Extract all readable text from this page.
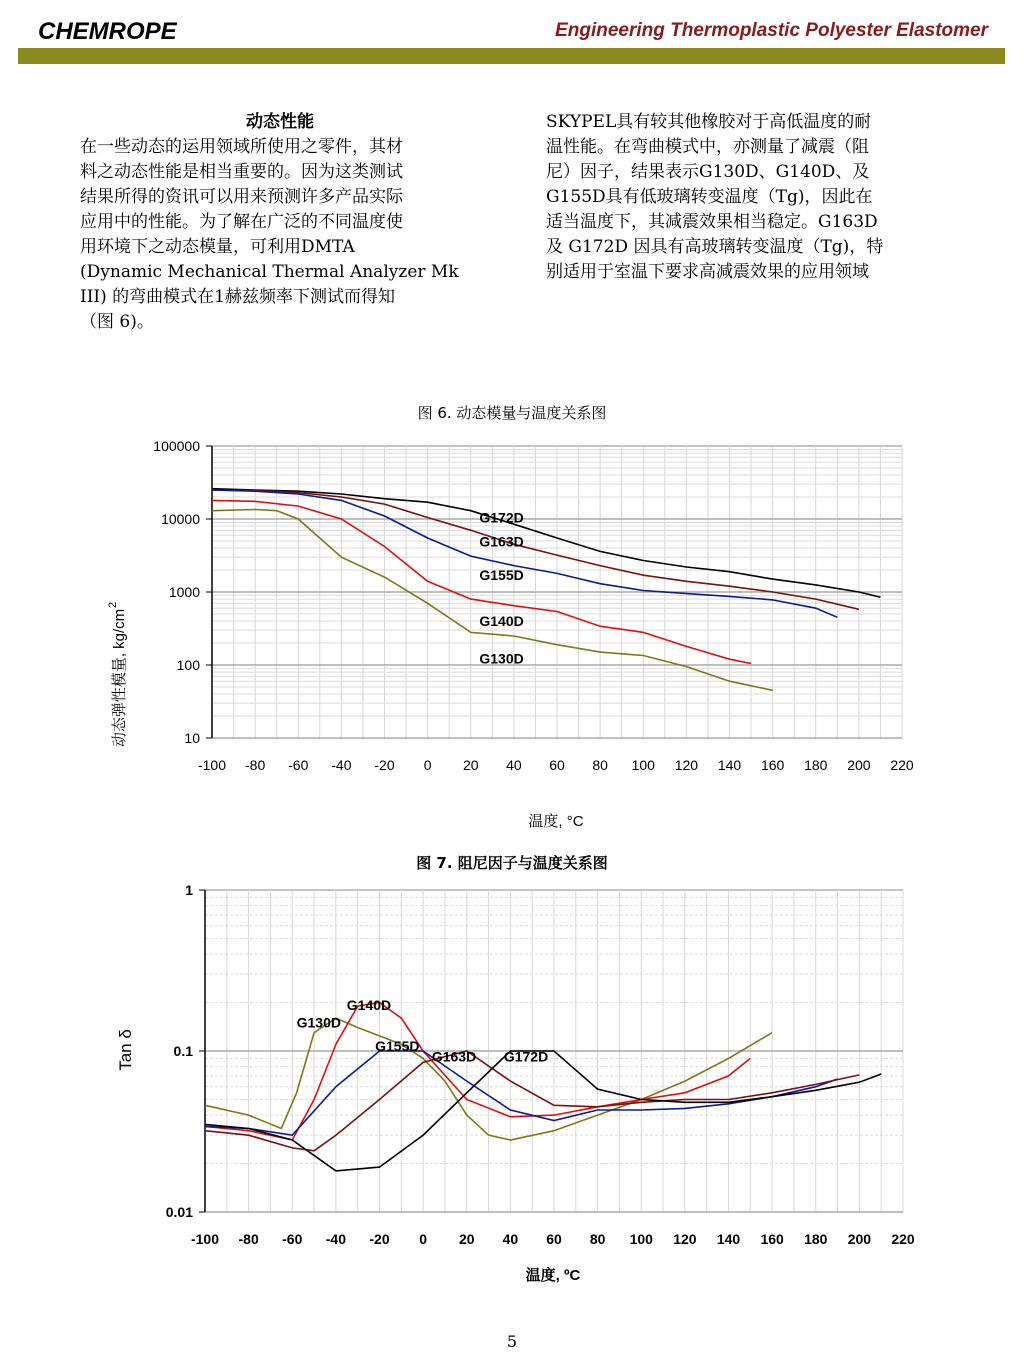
CHEMROPE	Engineering Thermoplastic Polyester Elastomer

动态性能

在一些动态的运用领域所使用之零件，其材

料之动态性能是相当重要的。因为这类测试

结果所得的资讯可以用来预测许多产品实际

应用中的性能。为了解在广泛的不同温度使

用环境下之动态模量，可利用DMTA

(Dynamic Mechanical Thermal Analyzer Mk

III) 的弯曲模式在1赫兹频率下测试而得知

（图 6)。

SKYPEL具有较其他橡胶对于高低温度的耐

温性能。在弯曲模式中，亦测量了减震（阻

尼）因子，结果表示G130D、G140D、及

G155D具有低玻璃转变温度（Tg)，因此在

适当温度下，其减震效果相当稳定。G163D

及 G172D 因具有高玻璃转变温度（Tg)，特

别适用于室温下要求高减震效果的应用领域

图 6. 动态模量与温度关系图
100000
10000
1000
100
10
-100 -80 -60 -40 -20 0 20 40 60 80 100 120 140 160 180 200 220
G172D
G163D
G155D
G140D
G130D
温度, °C
动态弹性模量, kg/cm
2
图 7. 阻尼因子与温度关系图
1
0.1
0.01
-100 -80 -60 -40 -20 0 20 40 60 80 100 120 140 160 180 200 220
G140D
G130D
G155D
G163D G172D
温度, ºC
Tan δ
5
